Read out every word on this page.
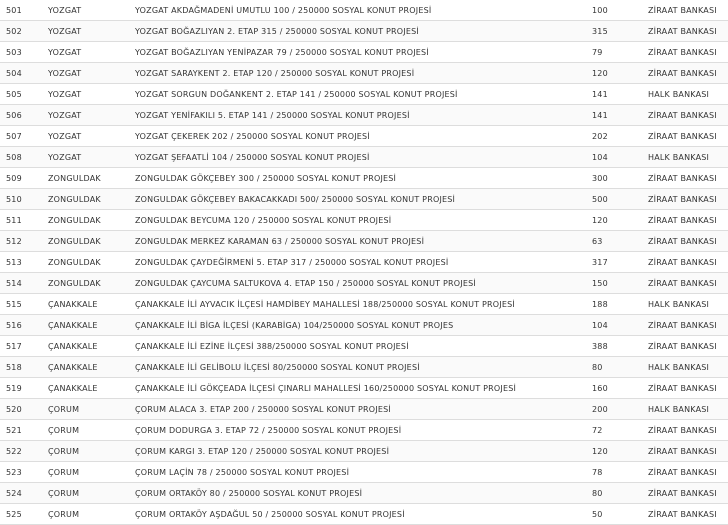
501	YOZGAT	YOZGAT AKDAĞMADENİ UMUTLU 100 / 250000 SOSYAL KONUT PROJESİ	100	ZİRAAT BANKASI
502	YOZGAT	YOZGAT BOĞAZLIYAN 2. ETAP 315 / 250000 SOSYAL KONUT PROJESİ	315	ZİRAAT BANKASI
503	YOZGAT	YOZGAT BOĞAZLIYAN YENİPAZAR 79 / 250000 SOSYAL KONUT PROJESİ	79	ZİRAAT BANKASI
504	YOZGAT	YOZGAT SARAYKENT 2. ETAP 120 / 250000 SOSYAL KONUT PROJESİ	120	ZİRAAT BANKASI
505	YOZGAT	YOZGAT SORGUN DOĞANKENT 2. ETAP 141 / 250000 SOSYAL KONUT PROJESİ	141	HALK BANKASI
506	YOZGAT	YOZGAT YENİFAKILI 5. ETAP 141 / 250000 SOSYAL KONUT PROJESİ	141	ZİRAAT BANKASI
507	YOZGAT	YOZGAT ÇEKEREK 202 / 250000 SOSYAL KONUT PROJESİ	202	ZİRAAT BANKASI
508	YOZGAT	YOZGAT ŞEFAATLİ 104 / 250000 SOSYAL KONUT PROJESİ	104	HALK BANKASI
509	ZONGULDAK	ZONGULDAK GÖKÇEBEY 300 / 250000 SOSYAL KONUT PROJESİ	300	ZİRAAT BANKASI
510	ZONGULDAK	ZONGULDAK GÖKÇEBEY BAKACAKKADI 500/ 250000 SOSYAL KONUT PROJESİ	500	ZİRAAT BANKASI
511	ZONGULDAK	ZONGULDAK BEYCUMA 120 / 250000 SOSYAL KONUT PROJESİ	120	ZİRAAT BANKASI
512	ZONGULDAK	ZONGULDAK MERKEZ KARAMAN 63 / 250000 SOSYAL KONUT PROJESİ	63	ZİRAAT BANKASI
513	ZONGULDAK	ZONGULDAK ÇAYDEĞİRMENİ 5. ETAP 317 / 250000 SOSYAL KONUT PROJESİ	317	ZİRAAT BANKASI
514	ZONGULDAK	ZONGULDAK ÇAYCUMA SALTUKOVA 4. ETAP 150 / 250000 SOSYAL KONUT PROJESİ	150	ZİRAAT BANKASI
515	ÇANAKKALE	ÇANAKKALE İLİ AYVACIK İLÇESİ HAMDİBEY MAHALLESİ 188/250000 SOSYAL KONUT PROJESİ	188	HALK BANKASI
516	ÇANAKKALE	ÇANAKKALE İLİ BİGA İLÇESİ (KARABİGA) 104/250000 SOSYAL KONUT PROJES	104	ZİRAAT BANKASI
517	ÇANAKKALE	ÇANAKKALE İLİ EZİNE İLÇESİ 388/250000 SOSYAL KONUT PROJESİ	388	ZİRAAT BANKASI
518	ÇANAKKALE	ÇANAKKALE İLİ GELİBOLU İLÇESİ 80/250000 SOSYAL KONUT PROJESİ	80	HALK BANKASI
519	ÇANAKKALE	ÇANAKKALE İLİ GÖKÇEADA İLÇESİ ÇINARLI MAHALLESİ 160/250000 SOSYAL KONUT PROJESİ	160	ZİRAAT BANKASI
520	ÇORUM	ÇORUM ALACA 3. ETAP 200 / 250000 SOSYAL KONUT PROJESİ	200	HALK BANKASI
521	ÇORUM	ÇORUM DODURGA 3. ETAP 72 / 250000 SOSYAL KONUT PROJESİ	72	ZİRAAT BANKASI
522	ÇORUM	ÇORUM KARGI 3. ETAP 120 / 250000 SOSYAL KONUT PROJESİ	120	ZİRAAT BANKASI
523	ÇORUM	ÇORUM LAÇİN 78 / 250000 SOSYAL KONUT PROJESİ	78	ZİRAAT BANKASI
524	ÇORUM	ÇORUM ORTAKÖY 80 / 250000 SOSYAL KONUT PROJESİ	80	ZİRAAT BANKASI
525	ÇORUM	ÇORUM ORTAKÖY AŞDAĞUL 50 / 250000 SOSYAL KONUT PROJESİ	50	ZİRAAT BANKASI
